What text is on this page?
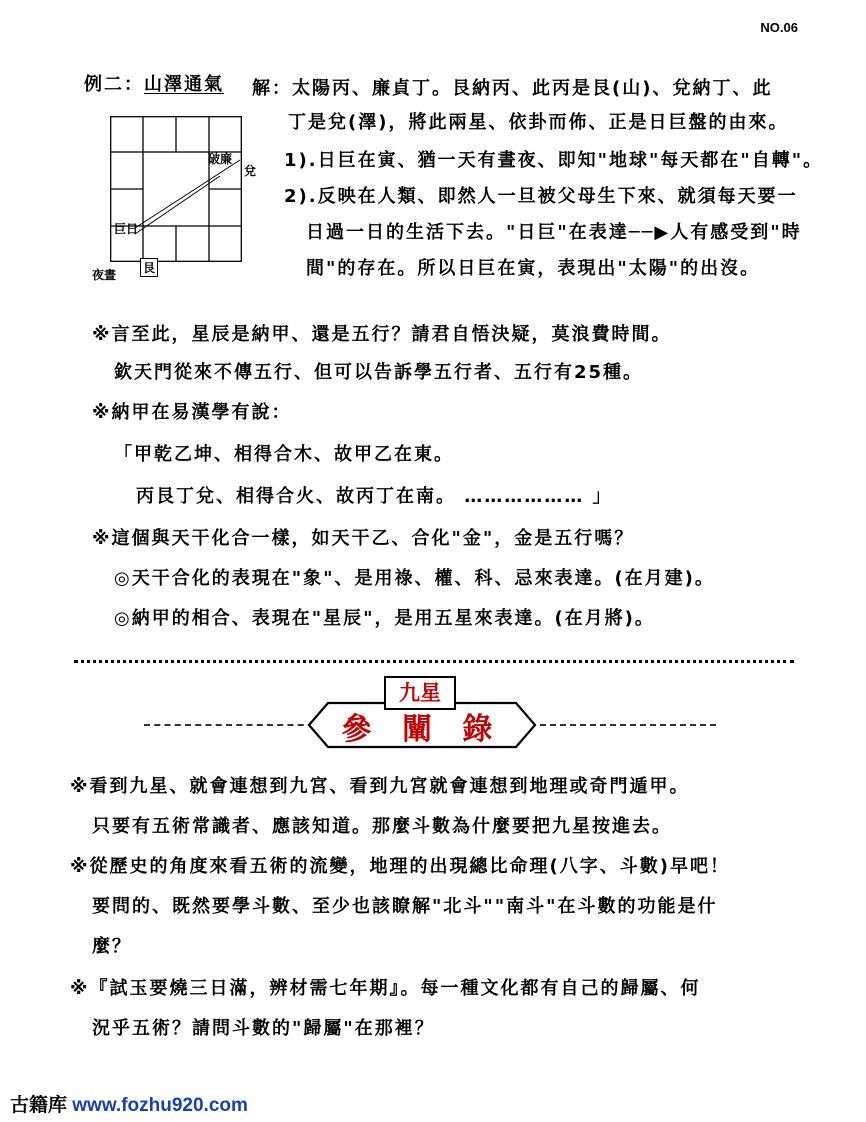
NO.06
例二：山澤通氣
破廉
兌
巨日
艮
夜晝
解：太陽丙、廉貞丁。艮納丙、此丙是艮(山)、兌納丁、此
丁是兌(澤)，將此兩星、依卦而佈、正是日巨盤的由來。
1).日巨在寅、猶一天有晝夜、即知"地球"每天都在"自轉"。
2).反映在人類、即然人一旦被父母生下來、就須每天要一
日過一日的生活下去。"日巨"在表達──▶人有感受到"時
間"的存在。所以日巨在寅，表現出"太陽"的出沒。
※言至此，星辰是納甲、還是五行？請君自悟決疑，莫浪費時間。
欽天門從來不傳五行、但可以告訴學五行者、五行有25種。
※納甲在易漢學有說：
「甲乾乙坤、相得合木、故甲乙在東。
丙艮丁兌、相得合火、故丙丁在南。 ……………… 」
※這個與天干化合一樣，如天干乙、合化"金"，金是五行嗎？
◎天干合化的表現在"象"、是用祿、權、科、忌來表達。(在月建)。
◎納甲的相合、表現在"星辰"，是用五星來表達。(在月將)。
九星
參 闡 錄
※看到九星、就會連想到九宮、看到九宮就會連想到地理或奇門遁甲。
只要有五術常識者、應該知道。那麼斗數為什麼要把九星按進去。
※從歷史的角度來看五術的流變，地理的出現總比命理(八字、斗數)早吧！
要問的、既然要學斗數、至少也該瞭解"北斗""南斗"在斗數的功能是什
麼？
※『試玉要燒三日滿，辨材需七年期』。每一種文化都有自己的歸屬、何
況乎五術？請問斗數的"歸屬"在那裡？
古籍库 www.fozhu920.com
